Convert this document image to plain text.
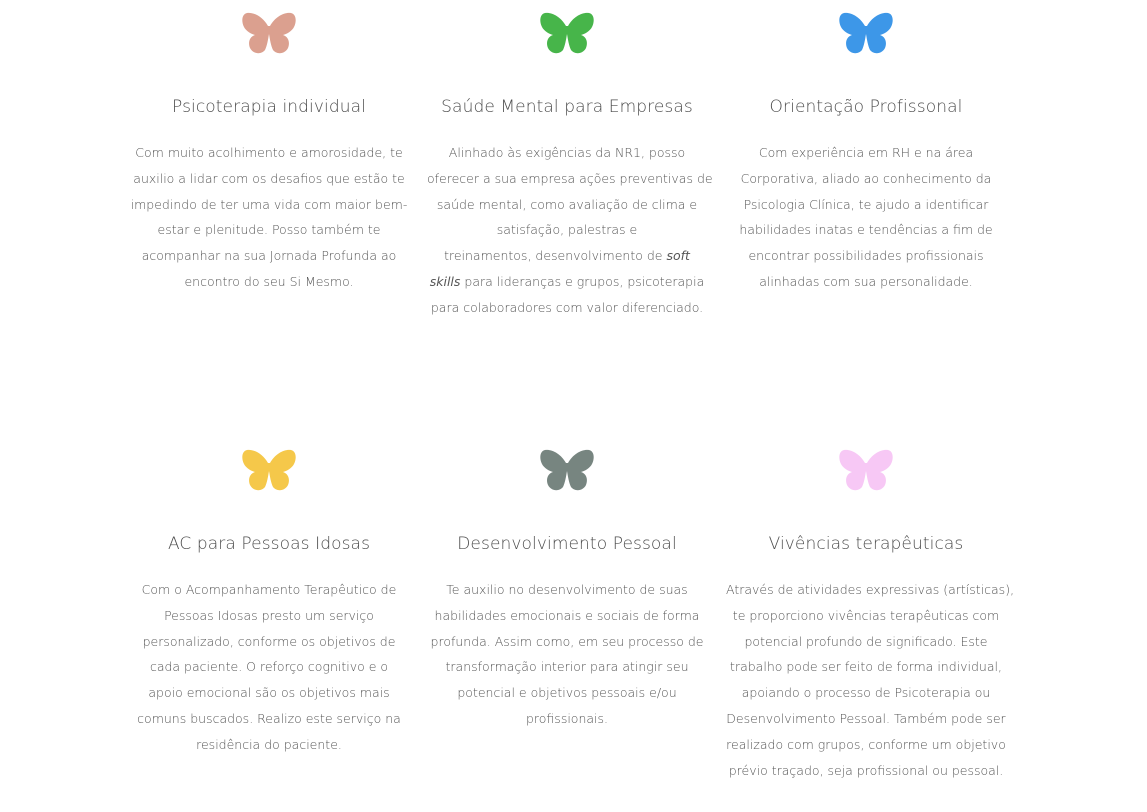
Psicoterapia individual

Com muito acolhimento e amorosidade, te
auxilio a lidar com os desafios que estão te
impedindo de ter uma vida com maior bem-
estar e plenitude. Posso também te
acompanhar na sua Jornada Profunda ao
encontro do seu Si Mesmo.

Saúde Mental para Empresas

Alinhado às exigências da NR1, posso
oferecer a sua empresa ações preventivas de
saúde mental, como avaliação de clima e
satisfação, palestras e
treinamentos, desenvolvimento de soft
skills para lideranças e grupos, psicoterapia
para colaboradores com valor diferenciado.

Orientação Profissonal

Com experiência em RH e na área
Corporativa, aliado ao conhecimento da
Psicologia Clínica, te ajudo a identificar
habilidades inatas e tendências a fim de
encontrar possibilidades profissionais
alinhadas com sua personalidade.

AC para Pessoas Idosas

Com o Acompanhamento Terapêutico de
Pessoas Idosas presto um serviço
personalizado, conforme os objetivos de
cada paciente. O reforço cognitivo e o
apoio emocional são os objetivos mais
comuns buscados. Realizo este serviço na
residência do paciente.

Desenvolvimento Pessoal

Te auxilio no desenvolvimento de suas
habilidades emocionais e sociais de forma
profunda. Assim como, em seu processo de
transformação interior para atingir seu
potencial e objetivos pessoais e/ou
profissionais.

Vivências terapêuticas

Através de atividades expressivas (artísticas),
te proporciono vivências terapêuticas com
potencial profundo de significado. Este
trabalho pode ser feito de forma individual,
apoiando o processo de Psicoterapia ou
Desenvolvimento Pessoal. Também pode ser
realizado com grupos, conforme um objetivo
prévio traçado, seja profissional ou pessoal.
